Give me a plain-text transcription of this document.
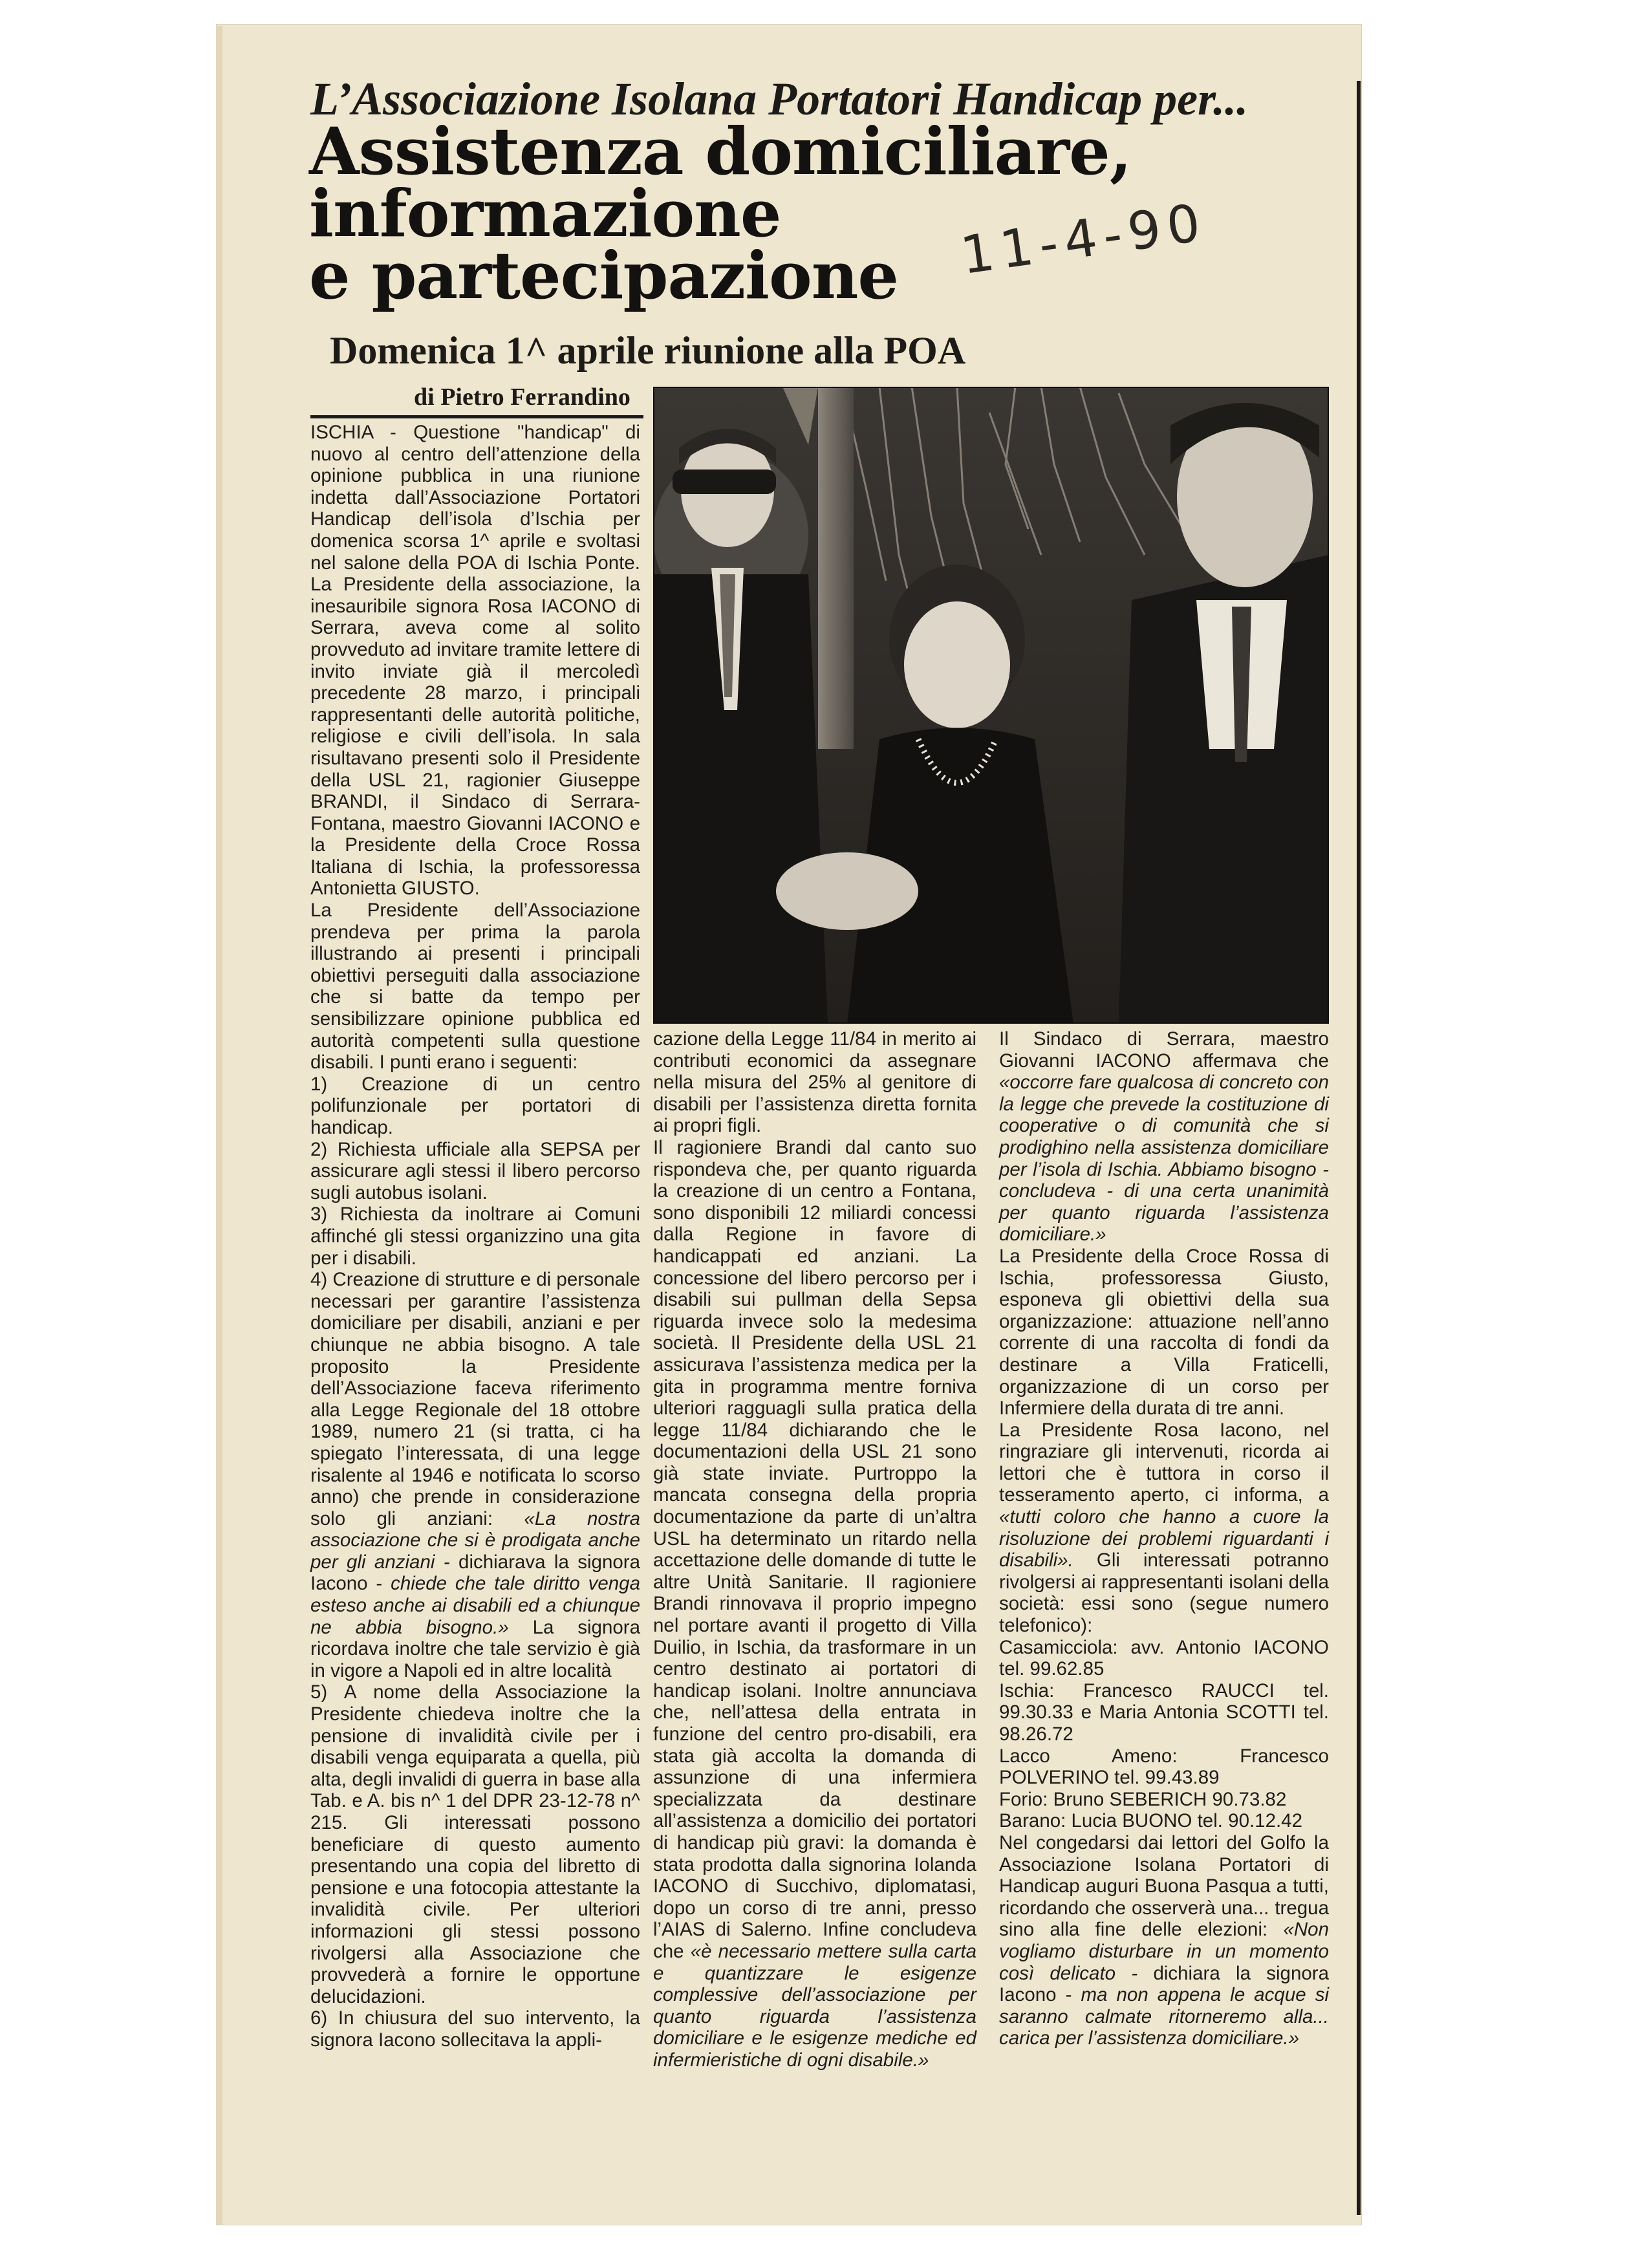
L’Associazione Isolana Portatori Handicap per...
Assistenza domiciliare,
informazione
e partecipazione	11-4-90
Domenica 1^ aprile riunione alla POA
di Pietro Ferrandino

ISCHIA - Questione "handicap" di nuovo al centro dell’attenzione della opinione pubblica in una riunione indetta dall’Associazione Portatori Handicap dell’isola d’Ischia per domenica scorsa 1^ aprile e svoltasi nel salone della POA di Ischia Ponte. La Presidente della associazione, la inesauribile signora Rosa IACONO di Serrara, aveva come al solito provveduto ad invitare tramite lettere di invito inviate già il mercoledì precedente 28 marzo, i principali rappresentanti delle autorità politiche, religiose e civili dell’isola. In sala risultavano presenti solo il Presidente della USL 21, ragionier Giuseppe BRANDI, il Sindaco di Serrara-Fontana, maestro Giovanni IACONO e la Presidente della Croce Rossa Italiana di Ischia, la professoressa Antonietta GIUSTO.

La Presidente dell’Associazione prendeva per prima la parola illustrando ai presenti i principali obiettivi perseguiti dalla associazione che si batte da tempo per sensibilizzare opinione pubblica ed autorità competenti sulla questione disabili. I punti erano i seguenti:

1) Creazione di un centro polifunzionale per portatori di handicap.

2) Richiesta ufficiale alla SEPSA per assicurare agli stessi il libero percorso sugli autobus isolani.

3) Richiesta da inoltrare ai Comuni affinché gli stessi organizzino una gita per i disabili.

4) Creazione di strutture e di personale necessari per garantire l’assistenza domiciliare per disabili, anziani e per chiunque ne abbia bisogno. A tale proposito la Presidente dell’Associazione faceva riferimento alla Legge Regionale del 18 ottobre 1989, numero 21 (si tratta, ci ha spiegato l’interessata, di una legge risalente al 1946 e notificata lo scorso anno) che prende in considerazione solo gli anziani: «La nostra associazione che si è prodigata anche per gli anziani - dichiarava la signora Iacono - chiede che tale diritto venga esteso anche ai disabili ed a chiunque ne abbia bisogno.» La signora ricordava inoltre che tale servizio è già in vigore a Napoli ed in altre località

5) A nome della Associazione la Presidente chiedeva inoltre che la pensione di invalidità civile per i disabili venga equiparata a quella, più alta, degli invalidi di guerra in base alla Tab. e A. bis n^ 1 del DPR 23-12-78 n^ 215. Gli interessati possono beneficiare di questo aumento presentando una copia del libretto di pensione e una fotocopia attestante la invalidità civile. Per ulteriori informazioni gli stessi possono rivolgersi alla Associazione che provvederà a fornire le opportune delucidazioni.

6) In chiusura del suo intervento, la signora Iacono sollecitava la appli-

cazione della Legge 11/84 in merito ai contributi economici da assegnare nella misura del 25% al genitore di disabili per l’assistenza diretta fornita ai propri figli.

Il ragioniere Brandi dal canto suo rispondeva che, per quanto riguarda la creazione di un centro a Fontana, sono disponibili 12 miliardi concessi dalla Regione in favore di handicappati ed anziani. La concessione del libero percorso per i disabili sui pullman della Sepsa riguarda invece solo la medesima società. Il Presidente della USL 21 assicurava l’assistenza medica per la gita in programma mentre forniva ulteriori ragguagli sulla pratica della legge 11/84 dichiarando che le documentazioni della USL 21 sono già state inviate. Purtroppo la mancata consegna della propria documentazione da parte di un’altra USL ha determinato un ritardo nella accettazione delle domande di tutte le altre Unità Sanitarie. Il ragioniere Brandi rinnovava il proprio impegno nel portare avanti il progetto di Villa Duilio, in Ischia, da trasformare in un centro destinato ai portatori di handicap isolani. Inoltre annunciava che, nell’attesa della entrata in funzione del centro pro-disabili, era stata già accolta la domanda di assunzione di una infermiera specializzata da destinare all’assistenza a domicilio dei portatori di handicap più gravi: la domanda è stata prodotta dalla signorina Iolanda IACONO di Succhivo, diplomatasi, dopo un corso di tre anni, presso l’AIAS di Salerno. Infine concludeva che «è necessario mettere sulla carta e quantizzare le esigenze complessive dell’associazione per quanto riguarda l’assistenza domiciliare e le esigenze mediche ed infermieristiche di ogni disabile.»

Il Sindaco di Serrara, maestro Giovanni IACONO affermava che «occorre fare qualcosa di concreto con la legge che prevede la costituzione di cooperative o di comunità che si prodighino nella assistenza domiciliare per l’isola di Ischia. Abbiamo bisogno - concludeva - di una certa unanimità per quanto riguarda l’assistenza domiciliare.»

La Presidente della Croce Rossa di Ischia, professoressa Giusto, esponeva gli obiettivi della sua organizzazione: attuazione nell’anno corrente di una raccolta di fondi da destinare a Villa Fraticelli, organizzazione di un corso per Infermiere della durata di tre anni.

La Presidente Rosa Iacono, nel ringraziare gli intervenuti, ricorda ai lettori che è tuttora in corso il tesseramento aperto, ci informa, a «tutti coloro che hanno a cuore la risoluzione dei problemi riguardanti i disabili». Gli interessati potranno rivolgersi ai rappresentanti isolani della società: essi sono (segue numero telefonico):

Casamicciola: avv. Antonio IACONO tel. 99.62.85

Ischia: Francesco RAUCCI tel. 99.30.33 e Maria Antonia SCOTTI tel. 98.26.72

Lacco Ameno: Francesco POLVERINO tel. 99.43.89

Forio: Bruno SEBERICH 90.73.82

Barano: Lucia BUONO tel. 90.12.42

Nel congedarsi dai lettori del Golfo la Associazione Isolana Portatori di Handicap auguri Buona Pasqua a tutti, ricordando che osserverà una... tregua sino alla fine delle elezioni: «Non vogliamo disturbare in un momento così delicato - dichiara la signora Iacono - ma non appena le acque si saranno calmate ritorneremo alla... carica per l’assistenza domiciliare.»
